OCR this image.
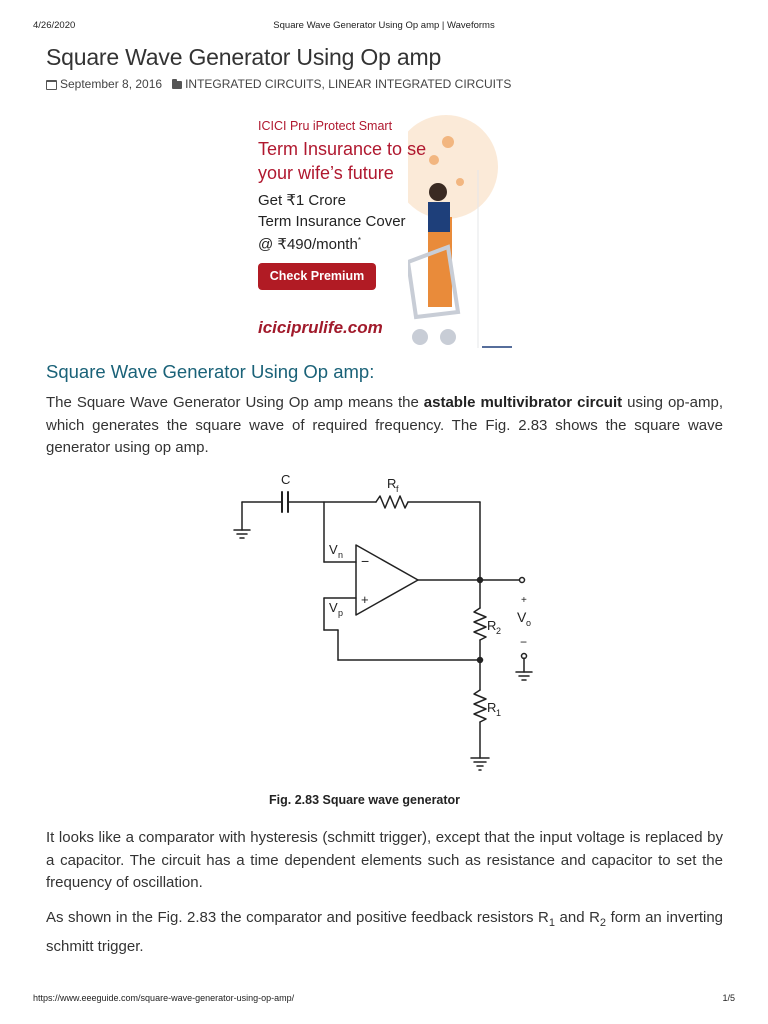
4/26/2020	Square Wave Generator Using Op amp | Waveforms
Square Wave Generator Using Op amp
September 8, 2016 INTEGRATED CIRCUITS, LINEAR INTEGRATED CIRCUITS
ICICI Pru iProtect Smart
Term Insurance to se
your wife’s future
Get ₹1 Crore
Term Insurance Cover
@ ₹490/month*
Check Premium
iciciprulife.com
Square Wave Generator Using Op amp:

The Square Wave Generator Using Op amp means the astable multivibrator circuit using op-amp, which generates the square wave of required frequency. The Fig. 2.83 shows the square wave generator using op amp.

C	R f
V n
V p
−
+
R 2
R 1
+
V o
−
Fig. 2.83 Square wave generator

It looks like a comparator with hysteresis (schmitt trigger), except that the input voltage is replaced by a capacitor. The circuit has a time dependent elements such as resistance and capacitor to set the frequency of oscillation.

As shown in the Fig. 2.83 the comparator and positive feedback resistors $R_1$ and $R_2$ form an inverting schmitt trigger.

https://www.eeeguide.com/square-wave-generator-using-op-amp/	1/5
